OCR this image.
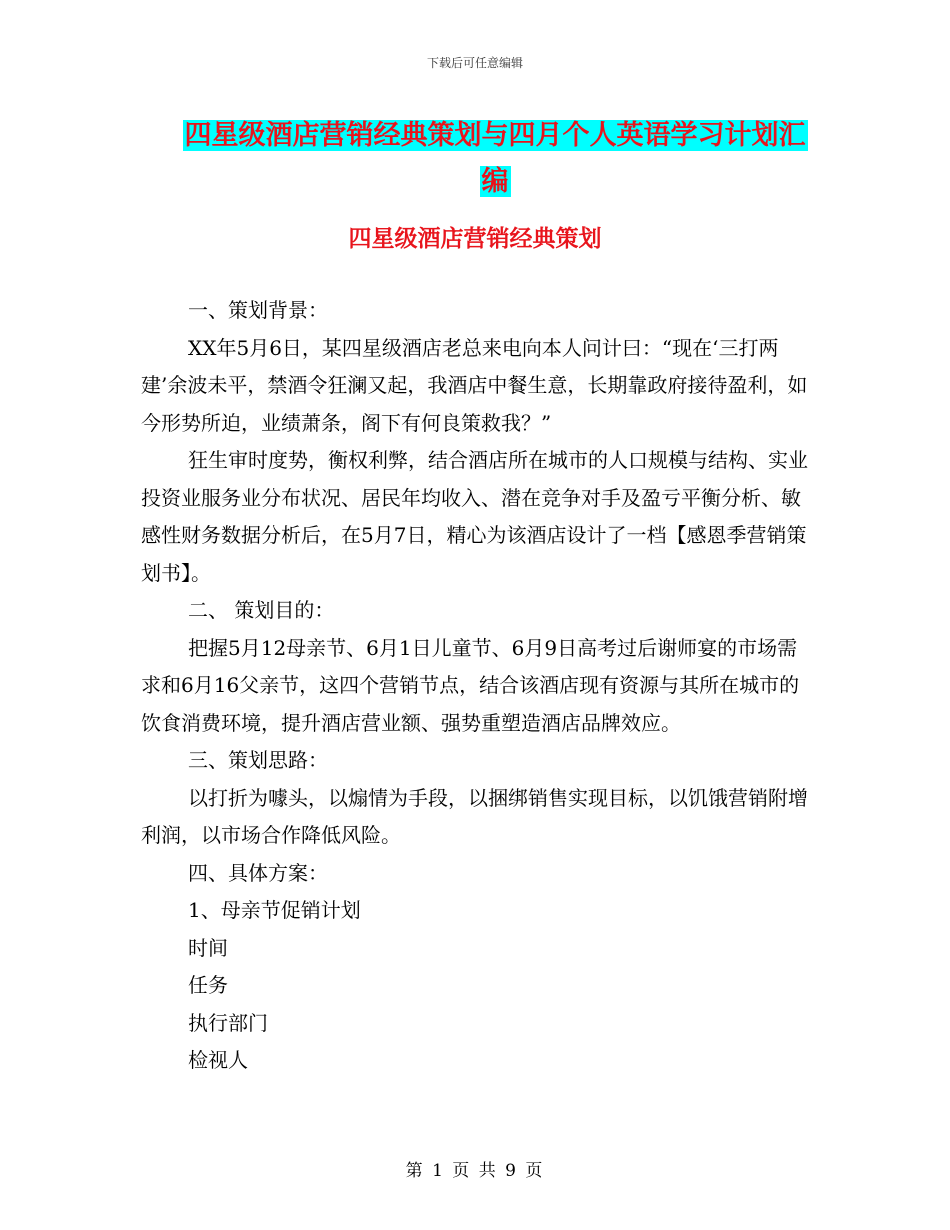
下载后可任意编辑
四星级酒店营销经典策划与四月个人英语学习计划汇
编
四星级酒店营销经典策划

一、策划背景：

XX年5月6日，某四星级酒店老总来电向本人问计曰：“现在‘三打两建’余波未平，禁酒令狂澜又起，我酒店中餐生意，长期靠政府接待盈利，如今形势所迫，业绩萧条，阁下有何良策救我？”

狂生审时度势，衡权利弊，结合酒店所在城市的人口规模与结构、实业投资业服务业分布状况、居民年均收入、潜在竞争对手及盈亏平衡分析、敏感性财务数据分析后，在5月7日，精心为该酒店设计了一档【感恩季营销策划书】。

二、 策划目的：

把握5月12母亲节、6月1日儿童节、6月9日高考过后谢师宴的市场需求和6月16父亲节，这四个营销节点，结合该酒店现有资源与其所在城市的饮食消费环境，提升酒店营业额、强势重塑造酒店品牌效应。

三、策划思路：

以打折为噱头，以煽情为手段，以捆绑销售实现目标，以饥饿营销附增利润，以市场合作降低风险。

四、具体方案：

1、母亲节促销计划

时间

任务

执行部门

检视人

第 1 页 共 9 页
